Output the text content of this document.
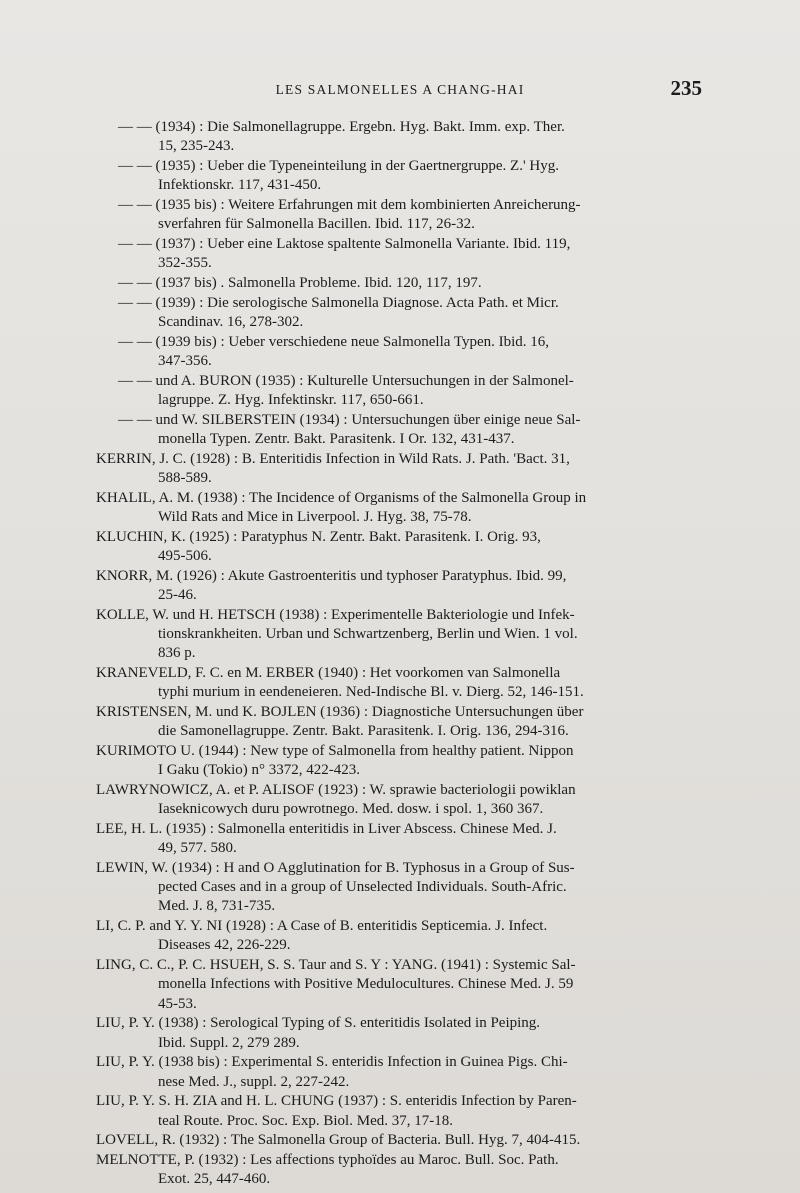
LES SALMONELLES A CHANG-HAI	235
— — (1934) : Die Salmonellagruppe. Ergebn. Hyg. Bakt. Imm. exp. Ther.
15, 235-243.
— — (1935) : Ueber die Typeneinteilung in der Gaertnergruppe. Z.' Hyg.
Infektionskr. 117, 431-450.
— — (1935 bis) : Weitere Erfahrungen mit dem kombinierten Anreicherung-
sverfahren für Salmonella Bacillen. Ibid. 117, 26-32.
— — (1937) : Ueber eine Laktose spaltente Salmonella Variante. Ibid. 119,
352-355.
— — (1937 bis) . Salmonella Probleme. Ibid. 120, 117, 197.
— — (1939) : Die serologische Salmonella Diagnose. Acta Path. et Micr.
Scandinav. 16, 278-302.
— — (1939 bis) : Ueber verschiedene neue Salmonella Typen. Ibid. 16,
347-356.
— — und A. BURON (1935) : Kulturelle Untersuchungen in der Salmonel-
lagruppe. Z. Hyg. Infektinskr. 117, 650-661.
— — und W. SILBERSTEIN (1934) : Untersuchungen über einige neue Sal-
monella Typen. Zentr. Bakt. Parasitenk. I Or. 132, 431-437.
KERRIN, J. C. (1928) : B. Enteritidis Infection in Wild Rats. J. Path. 'Bact. 31,
588-589.
KHALIL, A. M. (1938) : The Incidence of Organisms of the Salmonella Group in
Wild Rats and Mice in Liverpool. J. Hyg. 38, 75-78.
KLUCHIN, K. (1925) : Paratyphus N. Zentr. Bakt. Parasitenk. I. Orig. 93,
495-506.
KNORR, M. (1926) : Akute Gastroenteritis und typhoser Paratyphus. Ibid. 99,
25-46.
KOLLE, W. und H. HETSCH (1938) : Experimentelle Bakteriologie und Infek-
tionskrankheiten. Urban und Schwartzenberg, Berlin und Wien. 1 vol.
836 p.
KRANEVELD, F. C. en M. ERBER (1940) : Het voorkomen van Salmonella
typhi murium in eendeneieren. Ned-Indische Bl. v. Dierg. 52, 146-151.
KRISTENSEN, M. und K. BOJLEN (1936) : Diagnostiche Untersuchungen über
die Samonellagruppe. Zentr. Bakt. Parasitenk. I. Orig. 136, 294-316.
KURIMOTO U. (1944) : New type of Salmonella from healthy patient. Nippon
I Gaku (Tokio) n° 3372, 422-423.
LAWRYNOWICZ, A. et P. ALISOF (1923) : W. sprawie bacteriologii powiklan
Iaseknicowych duru powrotnego. Med. dosw. i spol. 1, 360 367.
LEE, H. L. (1935) : Salmonella enteritidis in Liver Abscess. Chinese Med. J.
49, 577. 580.
LEWIN, W. (1934) : H and O Agglutination for B. Typhosus in a Group of Sus-
pected Cases and in a group of Unselected Individuals. South-Afric.
Med. J. 8, 731-735.
LI, C. P. and Y. Y. NI (1928) : A Case of B. enteritidis Septicemia. J. Infect.
Diseases 42, 226-229.
LING, C. C., P. C. HSUEH, S. S. Taur and S. Y : YANG. (1941) : Systemic Sal-
monella Infections with Positive Medulocultures. Chinese Med. J. 59
45-53.
LIU, P. Y. (1938) : Serological Typing of S. enteritidis Isolated in Peiping.
Ibid. Suppl. 2, 279 289.
LIU, P. Y. (1938 bis) : Experimental S. enteridis Infection in Guinea Pigs. Chi-
nese Med. J., suppl. 2, 227-242.
LIU, P. Y. S. H. ZIA and H. L. CHUNG (1937) : S. enteridis Infection by Paren-
teal Route. Proc. Soc. Exp. Biol. Med. 37, 17-18.
LOVELL, R. (1932) : The Salmonella Group of Bacteria. Bull. Hyg. 7, 404-415.
MELNOTTE, P. (1932) : Les affections typhoïdes au Maroc. Bull. Soc. Path.
Exot. 25, 447-460.
